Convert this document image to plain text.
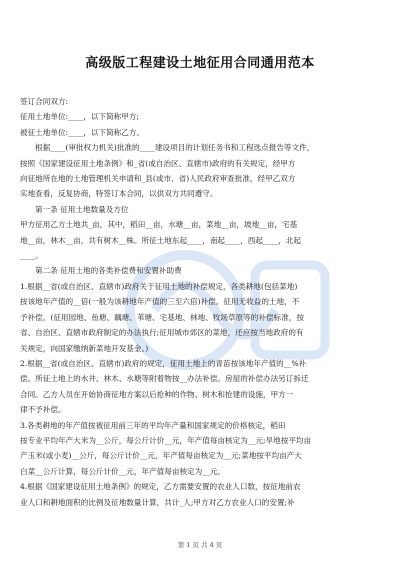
高级版工程建设土地征用合同通用范本
签订合同双方:
征用土地单位:____，以下简称甲方;
被征土地单位:____，以下简称乙方。
根据____(审批权力机关)批准的____建设项目的计划任务书和工程选点报告等文件，
按照《国家建设征用土地条例》和_省(或自治区、直辖市)政府的有关规定，经甲方
向征地所在地的土地管理机关申请和_县(或市、省)人民政府审查批准，经甲乙双方
实地查看，反复协商，特签订本合同，以供双方共同遵守。
第一条 征用土地数量及方位
甲方征用乙方土地共_亩，其中，稻田__亩，水塘__亩，菜地__亩，坡地__亩，宅基
地__亩，林木__亩，共有树木__株。所征土地东起____，南起____，西起____，北起
____。
第二条 征用土地的各类补偿费和安置补助费
1.根据__省(或自治区、直辖市)政府关于征用土地的补偿规定，各类耕地(包括菜地)
按该地年产值的__倍(一般为该耕地年产值的三至六倍)补偿。征用无收益的土地，不
予补偿。(征用园地、鱼塘、藕塘、苇塘、宅基地、林地、牧场草原等的补偿标准，按
省、自治区、直辖市政府制定的办法执行;征用城市郊区的菜地，还应按当地政府的有
关规定，向国家缴纳新菜地开发基金。)
2.根据__省(或自治区、直辖市)政府的规定，征用土地上的青苗按该地年产值的__%补
偿。所征土地上的水井、林木、水塘等附着物按__办法补偿。房屋的补偿办法另订拆迁
合同。乙方人员在开始协商征地方案以后抢种的作物、树木和抢建的设施，甲方一
律不予补偿。
3.各类耕地的年产值按被征用前三年的平均年产量和国家规定的价格核定，稻田
按专业平均年产大米为__公斤，每公斤计价__元，年产值每亩核定为__元;旱地按平均亩
产玉米(或小麦)__公斤，每公斤计价__元，年产值每亩核定为__元;菜地按平均亩产大
白菜__公斤计算，每公斤计价__元，年产值每亩核定为__元。
4.根据《国家建设征用土地条例》的规定，乙方需要安置的农业人口数，按征地前农
业人口和耕地面积的比例及征地数量计算，共计_人;甲方对乙方农业人口的安置;补
第 1 页 共 4 页
